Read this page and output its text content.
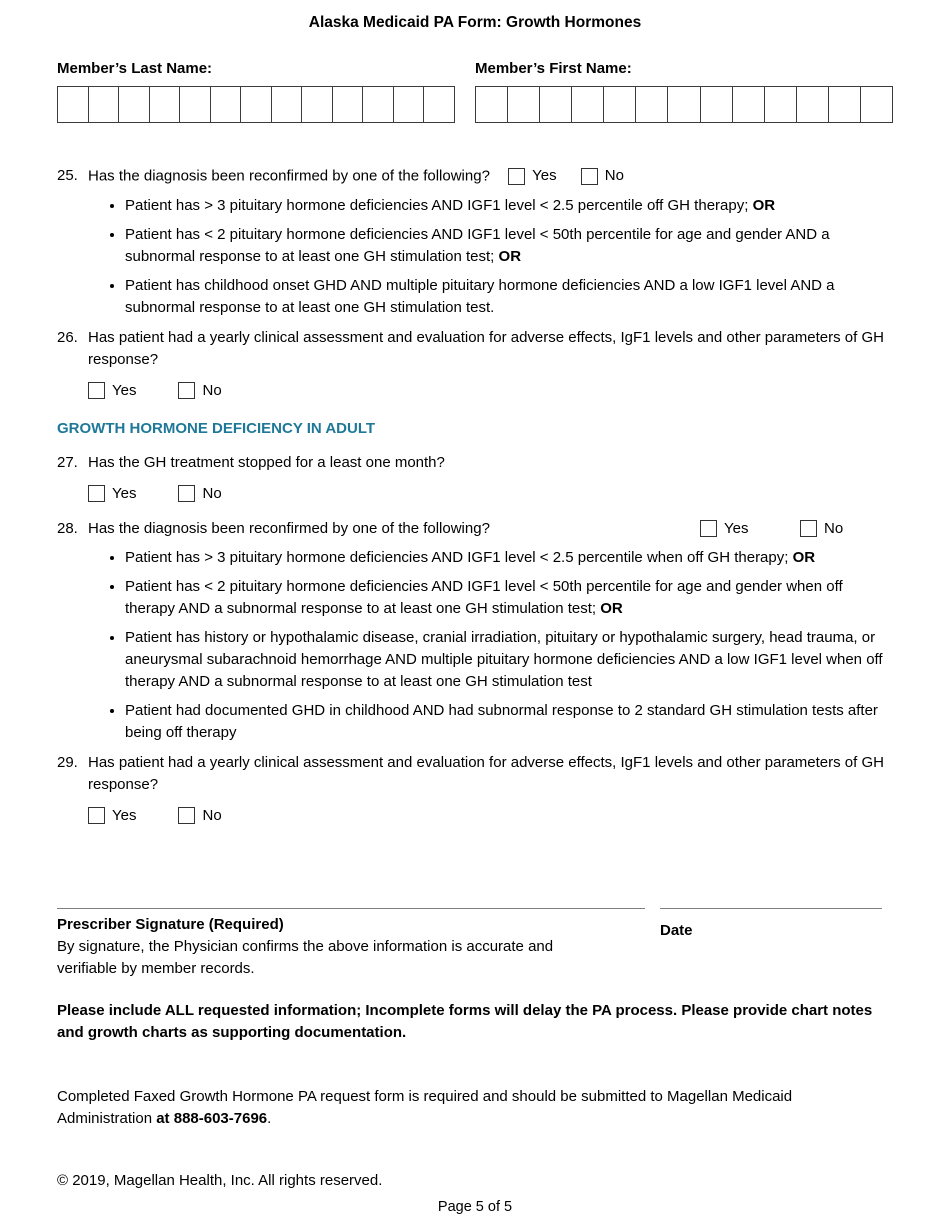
Alaska Medicaid PA Form: Growth Hormones
Member’s Last Name:	Member’s First Name:
25. Has the diagnosis been reconfirmed by one of the following?	Yes
	No
• Patient has > 3 pituitary hormone deficiencies AND IGF1 level < 2.5 percentile off GH therapy; OR
• Patient has < 2 pituitary hormone deficiencies AND IGF1 level < 50th percentile for age and gender AND a subnormal response to at least one GH stimulation test; OR
• Patient has childhood onset GHD AND multiple pituitary hormone deficiencies AND a low IGF1 level AND a subnormal response to at least one GH stimulation test.
26. Has patient had a yearly clinical assessment and evaluation for adverse effects, IgF1 levels and other parameters of GH response?
Yes	No
GROWTH HORMONE DEFICIENCY IN ADULT
27. Has the GH treatment stopped for a least one month?
Yes	No
28. Has the diagnosis been reconfirmed by one of the following?	Yes	No
• Patient has > 3 pituitary hormone deficiencies AND IGF1 level < 2.5 percentile when off GH therapy; OR
• Patient has < 2 pituitary hormone deficiencies AND IGF1 level < 50th percentile for age and gender when off therapy AND a subnormal response to at least one GH stimulation test; OR
• Patient has history or hypothalamic disease, cranial irradiation, pituitary or hypothalamic surgery, head trauma, or aneurysmal subarachnoid hemorrhage AND multiple pituitary hormone deficiencies AND a low IGF1 level when off therapy AND a subnormal response to at least one GH stimulation test
• Patient had documented GHD in childhood AND had subnormal response to 2 standard GH stimulation tests after being off therapy
29. Has patient had a yearly clinical assessment and evaluation for adverse effects, IgF1 levels and other parameters of GH response?
Yes	No
Prescriber Signature (Required)
By signature, the Physician confirms the above information is accurate and verifiable by member records.
Date
Please include ALL requested information; Incomplete forms will delay the PA process. Please provide chart notes and growth charts as supporting documentation.
Completed Faxed Growth Hormone PA request form is required and should be submitted to Magellan Medicaid Administration at 888-603-7696.
© 2019, Magellan Health, Inc. All rights reserved.
Page 5 of 5
